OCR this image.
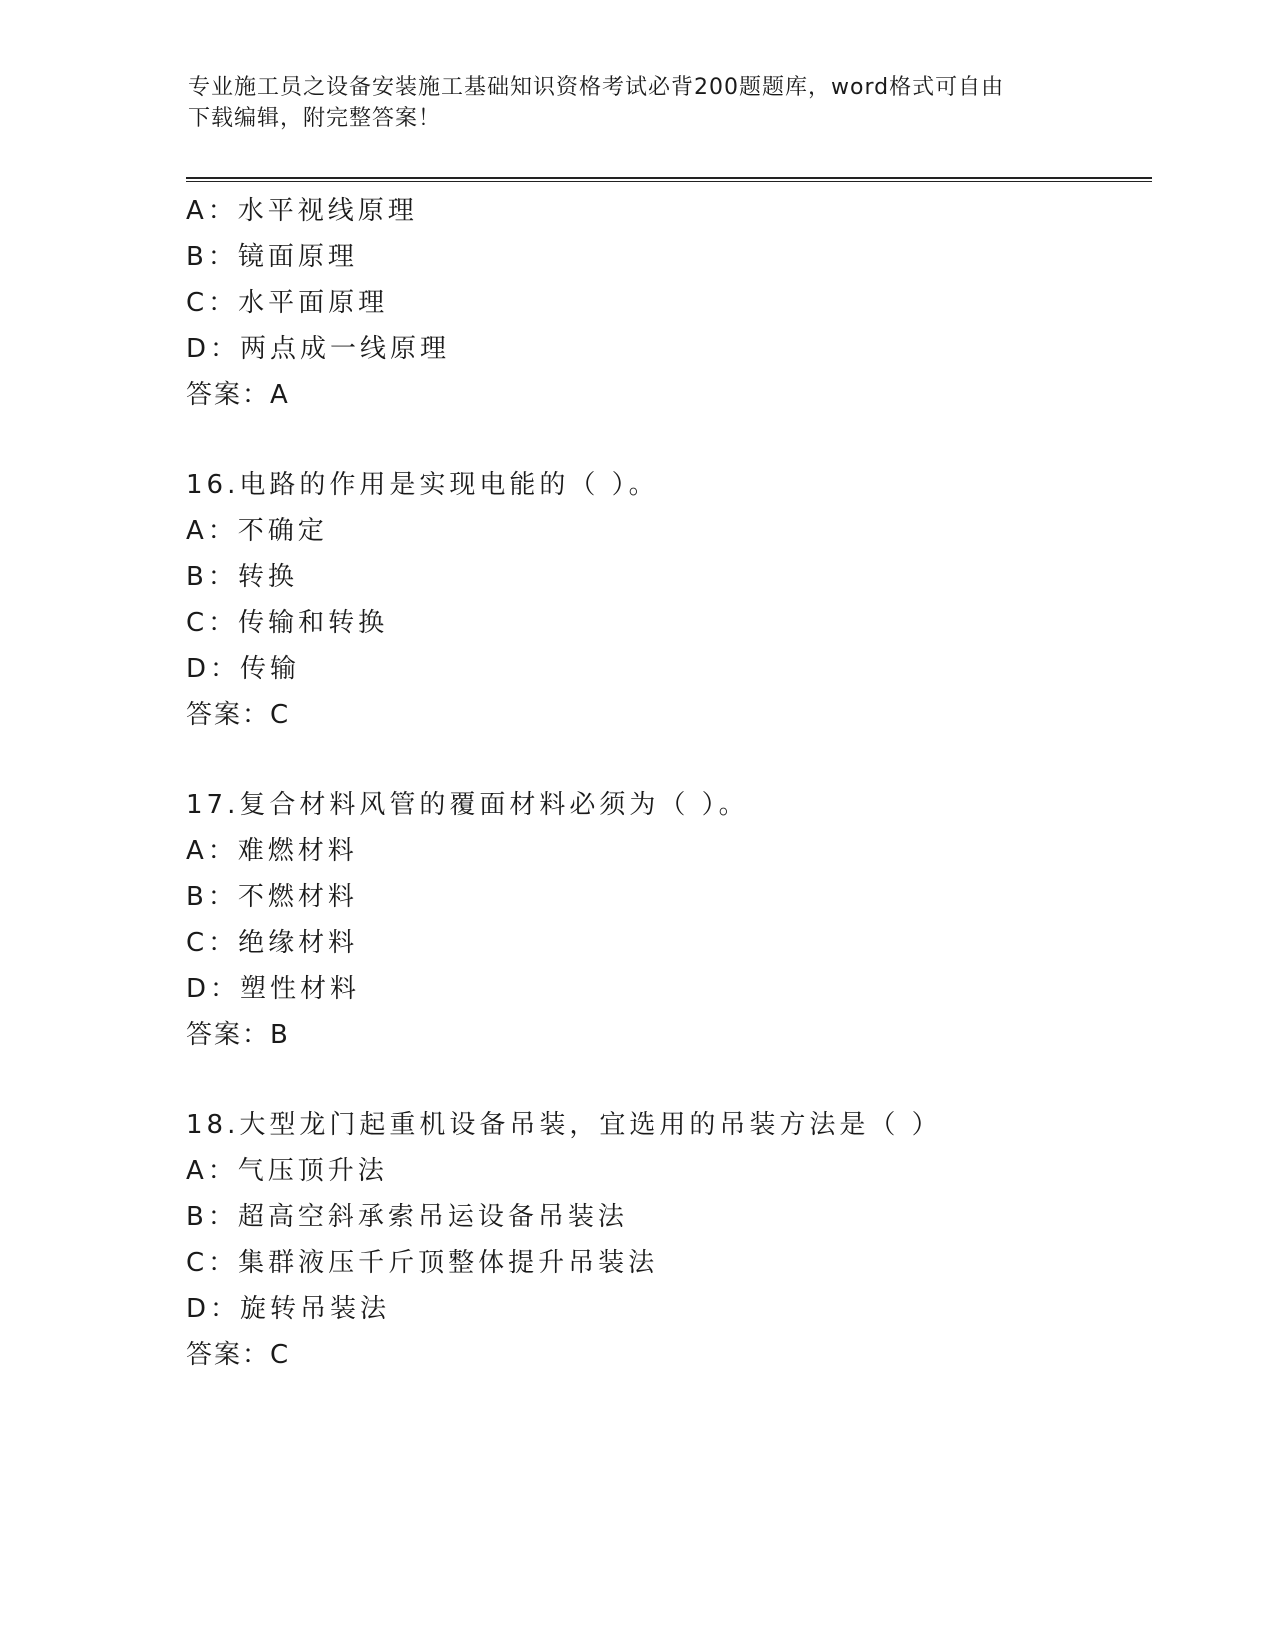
专业施工员之设备安装施工基础知识资格考试必背200题题库，word格式可自由
下载编辑，附完整答案！
A：水平视线原理
B：镜面原理
C：水平面原理
D：两点成一线原理
答案：A
16.电路的作用是实现电能的（ ）。
A：不确定
B：转换
C：传输和转换
D：传输
答案：C
17.复合材料风管的覆面材料必须为（ ）。
A：难燃材料
B：不燃材料
C：绝缘材料
D：塑性材料
答案：B
18.大型龙门起重机设备吊装，宜选用的吊装方法是（ ）
A：气压顶升法
B：超高空斜承索吊运设备吊装法
C：集群液压千斤顶整体提升吊装法
D：旋转吊装法
答案：C
